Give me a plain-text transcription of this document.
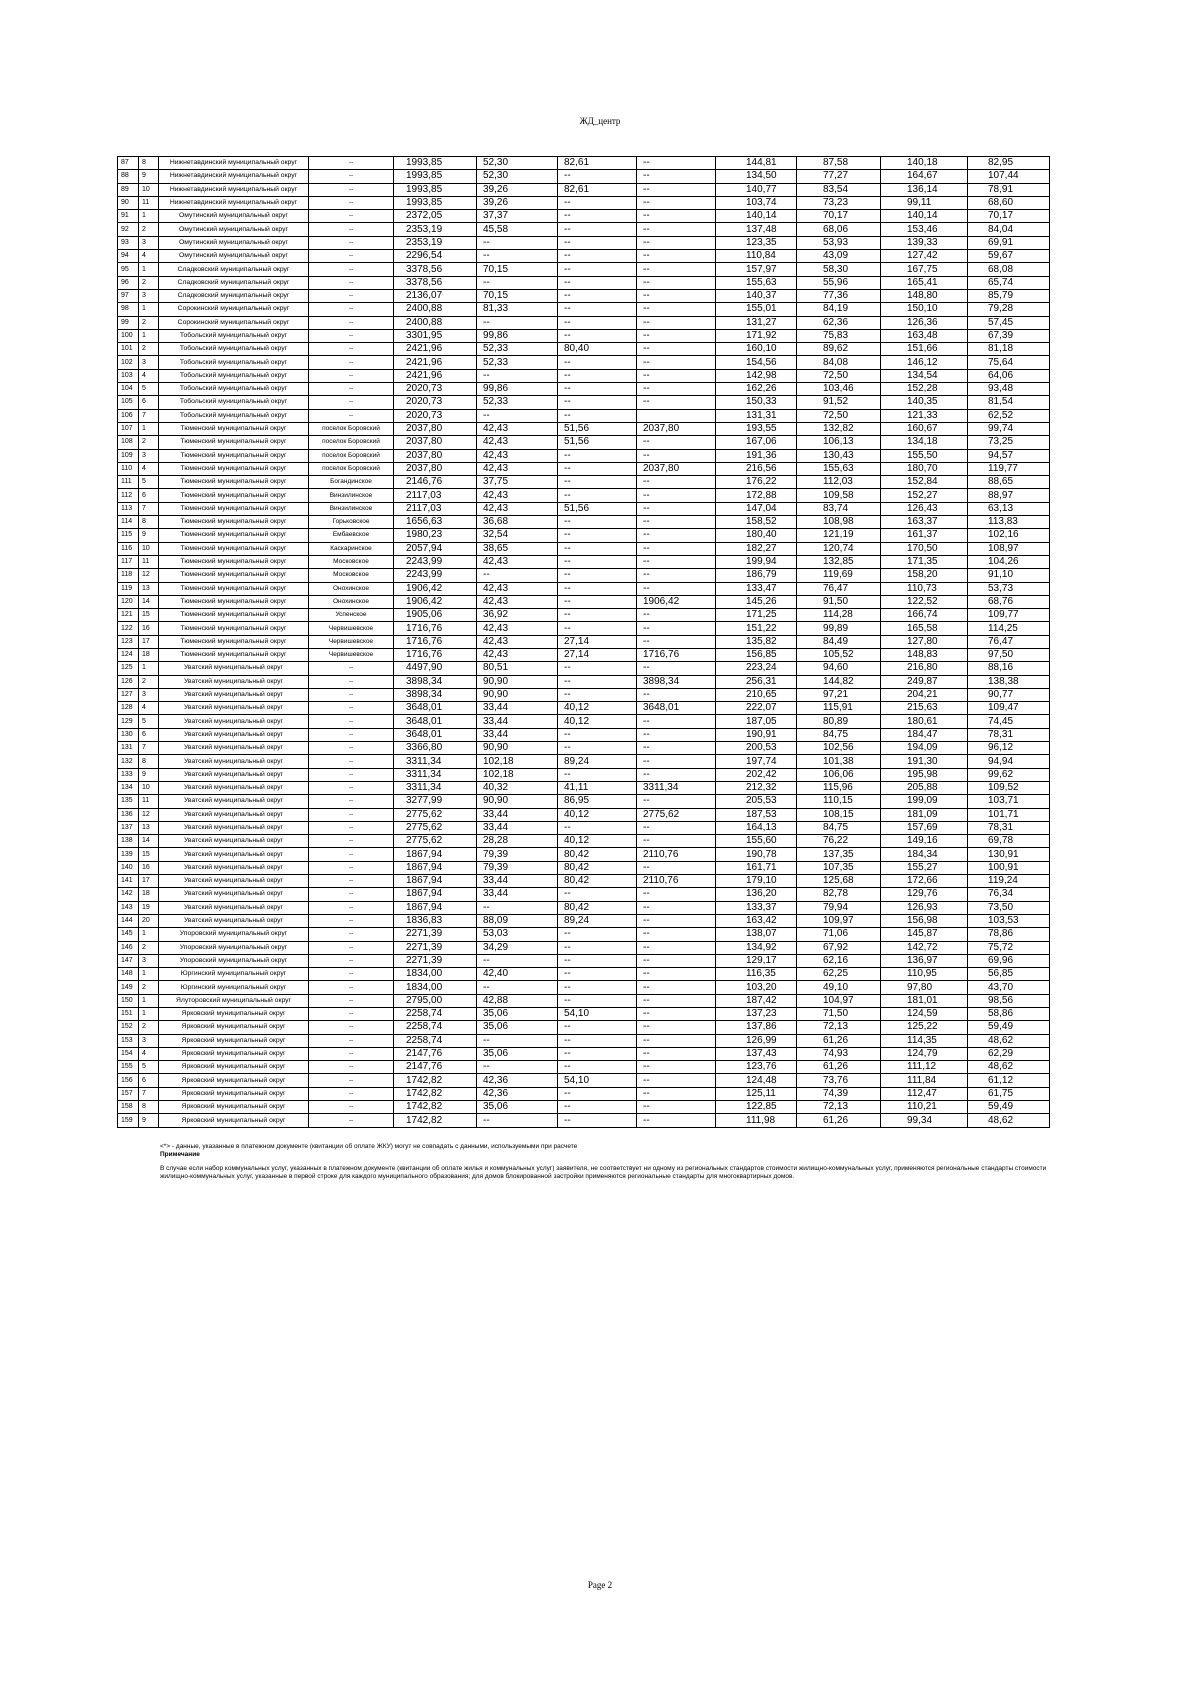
ЖД_центр
87	8	Нижнетавдинский муниципальный округ	--	1993,85	52,30	82,61	--	144,81	87,58	140,18	82,95
88	9	Нижнетавдинский муниципальный округ	--	1993,85	52,30	--	--	134,50	77,27	164,67	107,44
89	10	Нижнетавдинский муниципальный округ	--	1993,85	39,26	82,61	--	140,77	83,54	136,14	78,91
90	11	Нижнетавдинский муниципальный округ	--	1993,85	39,26	--	--	103,74	73,23	99,11	68,60
91	1	Омутинский муниципальный округ	--	2372,05	37,37	--	--	140,14	70,17	140,14	70,17
92	2	Омутинский муниципальный округ	--	2353,19	45,58	--	--	137,48	68,06	153,46	84,04
93	3	Омутинский муниципальный округ	--	2353,19	--	--	--	123,35	53,93	139,33	69,91
94	4	Омутинский муниципальный округ	--	2296,54	--	--	--	110,84	43,09	127,42	59,67
95	1	Сладковский муниципальный округ	--	3378,56	70,15	--	--	157,97	58,30	167,75	68,08
96	2	Сладковский муниципальный округ	--	3378,56	--	--	--	155,63	55,96	165,41	65,74
97	3	Сладковский муниципальный округ	--	2136,07	70,15	--	--	140,37	77,36	148,80	85,79
98	1	Сорокинский муниципальный округ	--	2400,88	81,33	--	--	155,01	84,19	150,10	79,28
99	2	Сорокинский муниципальный округ	--	2400,88	--	--	--	131,27	62,36	126,36	57,45
100	1	Тобольский муниципальный округ	--	3301,95	99,86	--	--	171,92	75,83	163,48	67,39
101	2	Тобольский муниципальный округ	--	2421,96	52,33	80,40	--	160,10	89,62	151,66	81,18
102	3	Тобольский муниципальный округ	--	2421,96	52,33	--	--	154,56	84,08	146,12	75,64
103	4	Тобольский муниципальный округ	--	2421,96	--	--	--	142,98	72,50	134,54	64,06
104	5	Тобольский муниципальный округ	--	2020,73	99,86	--	--	162,26	103,46	152,28	93,48
105	6	Тобольский муниципальный округ	--	2020,73	52,33	--	--	150,33	91,52	140,35	81,54
106	7	Тобольский муниципальный округ	--	2020,73	--	--		131,31	72,50	121,33	62,52
107	1	Тюменский муниципальный округ	поселок Боровский	2037,80	42,43	51,56	2037,80	193,55	132,82	160,67	99,74
108	2	Тюменский муниципальный округ	поселок Боровский	2037,80	42,43	51,56	--	167,06	106,13	134,18	73,25
109	3	Тюменский муниципальный округ	поселок Боровский	2037,80	42,43	--	--	191,36	130,43	155,50	94,57
110	4	Тюменский муниципальный округ	поселок Боровский	2037,80	42,43	--	2037,80	216,56	155,63	180,70	119,77
111	5	Тюменский муниципальный округ	Богандинское	2146,76	37,75	--	--	176,22	112,03	152,84	88,65
112	6	Тюменский муниципальный округ	Винзилинское	2117,03	42,43	--	--	172,88	109,58	152,27	88,97
113	7	Тюменский муниципальный округ	Винзилинское	2117,03	42,43	51,56	--	147,04	83,74	126,43	63,13
114	8	Тюменский муниципальный округ	Горьковское	1656,63	36,68	--	--	158,52	108,98	163,37	113,83
115	9	Тюменский муниципальный округ	Ембаевское	1980,23	32,54	--	--	180,40	121,19	161,37	102,16
116	10	Тюменский муниципальный округ	Каскаринское	2057,94	38,65	--	--	182,27	120,74	170,50	108,97
117	11	Тюменский муниципальный округ	Московское	2243,99	42,43	--	--	199,94	132,85	171,35	104,26
118	12	Тюменский муниципальный округ	Московское	2243,99	--	--	--	186,79	119,69	158,20	91,10
119	13	Тюменский муниципальный округ	Онохинское	1906,42	42,43	--	--	133,47	76,47	110,73	53,73
120	14	Тюменский муниципальный округ	Онохинское	1906,42	42,43	--	1906,42	145,26	91,50	122,52	68,76
121	15	Тюменский муниципальный округ	Успенское	1905,06	36,92	--	--	171,25	114,28	166,74	109,77
122	16	Тюменский муниципальный округ	Червишевское	1716,76	42,43	--	--	151,22	99,89	165,58	114,25
123	17	Тюменский муниципальный округ	Червишевское	1716,76	42,43	27,14	--	135,82	84,49	127,80	76,47
124	18	Тюменский муниципальный округ	Червишевское	1716,76	42,43	27,14	1716,76	156,85	105,52	148,83	97,50
125	1	Уватский муниципальный округ	--	4497,90	80,51	--	--	223,24	94,60	216,80	88,16
126	2	Уватский муниципальный округ	--	3898,34	90,90	--	3898,34	256,31	144,82	249,87	138,38
127	3	Уватский муниципальный округ	--	3898,34	90,90	--	--	210,65	97,21	204,21	90,77
128	4	Уватский муниципальный округ	--	3648,01	33,44	40,12	3648,01	222,07	115,91	215,63	109,47
129	5	Уватский муниципальный округ	--	3648,01	33,44	40,12	--	187,05	80,89	180,61	74,45
130	6	Уватский муниципальный округ	--	3648,01	33,44	--	--	190,91	84,75	184,47	78,31
131	7	Уватский муниципальный округ	--	3366,80	90,90	--	--	200,53	102,56	194,09	96,12
132	8	Уватский муниципальный округ	--	3311,34	102,18	89,24	--	197,74	101,38	191,30	94,94
133	9	Уватский муниципальный округ	--	3311,34	102,18	--	--	202,42	106,06	195,98	99,62
134	10	Уватский муниципальный округ	--	3311,34	40,32	41,11	3311,34	212,32	115,96	205,88	109,52
135	11	Уватский муниципальный округ	--	3277,99	90,90	86,95	--	205,53	110,15	199,09	103,71
136	12	Уватский муниципальный округ	--	2775,62	33,44	40,12	2775,62	187,53	108,15	181,09	101,71
137	13	Уватский муниципальный округ	--	2775,62	33,44	--	--	164,13	84,75	157,69	78,31
138	14	Уватский муниципальный округ	--	2775,62	28,28	40,12	--	155,60	76,22	149,16	69,78
139	15	Уватский муниципальный округ	--	1867,94	79,39	80,42	2110,76	190,78	137,35	184,34	130,91
140	16	Уватский муниципальный округ	--	1867,94	79,39	80,42	--	161,71	107,35	155,27	100,91
141	17	Уватский муниципальный округ	--	1867,94	33,44	80,42	2110,76	179,10	125,68	172,66	119,24
142	18	Уватский муниципальный округ	--	1867,94	33,44	--	--	136,20	82,78	129,76	76,34
143	19	Уватский муниципальный округ	--	1867,94	--	80,42	--	133,37	79,94	126,93	73,50
144	20	Уватский муниципальный округ	--	1836,83	88,09	89,24	--	163,42	109,97	156,98	103,53
145	1	Упоровский муниципальный округ	--	2271,39	53,03	--	--	138,07	71,06	145,87	78,86
146	2	Упоровский муниципальный округ	--	2271,39	34,29	--	--	134,92	67,92	142,72	75,72
147	3	Упоровский муниципальный округ	--	2271,39	--	--	--	129,17	62,16	136,97	69,96
148	1	Юргинский муниципальный округ	--	1834,00	42,40	--	--	116,35	62,25	110,95	56,85
149	2	Юргинский муниципальный округ	--	1834,00	--	--	--	103,20	49,10	97,80	43,70
150	1	Ялуторовский муниципальный округ	--	2795,00	42,88	--	--	187,42	104,97	181,01	98,56
151	1	Ярковский муниципальный округ	--	2258,74	35,06	54,10	--	137,23	71,50	124,59	58,86
152	2	Ярковский муниципальный округ	--	2258,74	35,06	--	--	137,86	72,13	125,22	59,49
153	3	Ярковский муниципальный округ	--	2258,74	--	--	--	126,99	61,26	114,35	48,62
154	4	Ярковский муниципальный округ	--	2147,76	35,06	--	--	137,43	74,93	124,79	62,29
155	5	Ярковский муниципальный округ	--	2147,76	--	--	--	123,76	61,26	111,12	48,62
156	6	Ярковский муниципальный округ	--	1742,82	42,36	54,10	--	124,48	73,76	111,84	61,12
157	7	Ярковский муниципальный округ	--	1742,82	42,36	--	--	125,11	74,39	112,47	61,75
158	8	Ярковский муниципальный округ	--	1742,82	35,06	--	--	122,85	72,13	110,21	59,49
159	9	Ярковский муниципальный округ	--	1742,82	--	--	--	111,98	61,26	99,34	48,62

<*> - данные, указанные в платежном документе (квитанции об оплате ЖКУ) могут не совпадать с данными, используемыми при расчете

Примечание

В случае если набор коммунальных услуг, указанных в платежном документе (квитанции об оплате жилья и коммунальных услуг) заявителя, не соответствует ни одному из региональных стандартов стоимости жилищно-коммунальных услуг, применяются региональные стандарты стоимости жилищно-коммунальных услуг, указанные в первой строке для каждого муниципального образования; для домов блокированной застройки применяются региональные стандарты для многоквартирных домов.

Page 2
